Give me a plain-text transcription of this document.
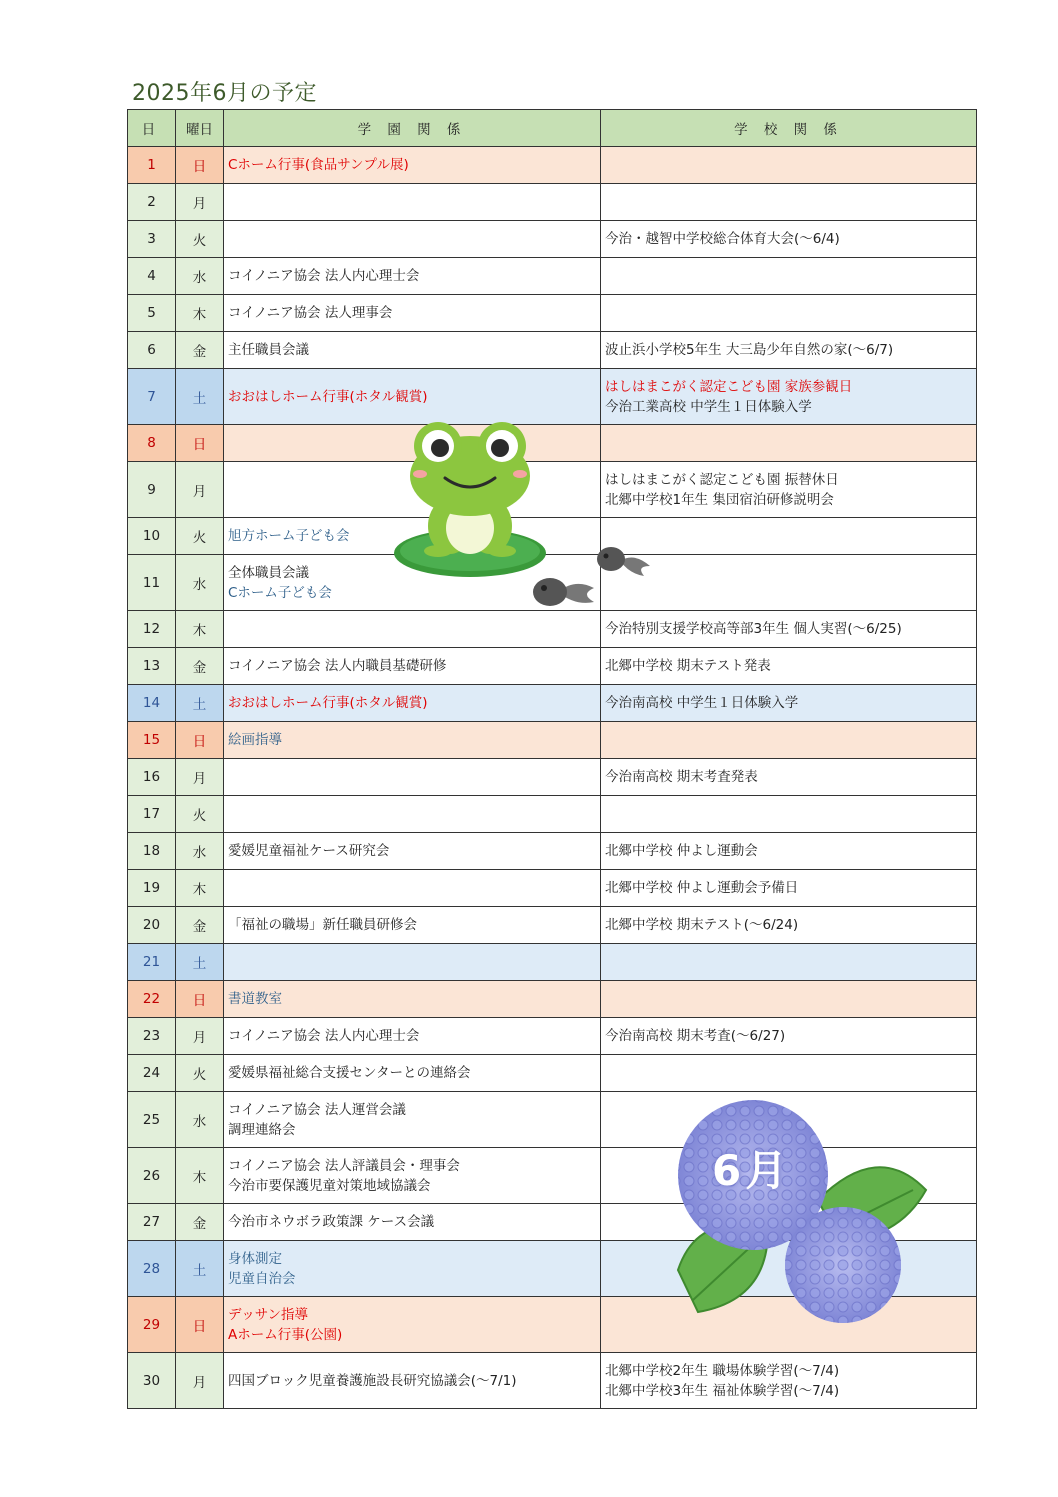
2025年6月の予定
日	曜日	学 園 関 係	学 校 関 係
1	日	Cホーム行事(食品サンプル展)	

2	月		
3	火		今治・越智中学校総合体育大会(～6/4)

4	水	コイノニア協会 法人内心理士会	

5	木	コイノニア協会 法人理事会	

6	金	主任職員会議	波止浜小学校5年生 大三島少年自然の家(～6/7)

7	土	おおはしホーム行事(ホタル観賞)	はしはまこがく認定こども園 家族参観日
今治工業高校 中学生１日体験入学

8	日		
9	月		はしはまこがく認定こども園 振替休日
北郷中学校1年生 集団宿泊研修説明会

10	火	旭方ホーム子ども会	

11	水	全体職員会議
Cホーム子ども会	

12	木		今治特別支援学校高等部3年生 個人実習(～6/25)

13	金	コイノニア協会 法人内職員基礎研修	北郷中学校 期末テスト発表

14	土	おおはしホーム行事(ホタル観賞)	今治南高校 中学生１日体験入学

15	日	絵画指導	

16	月		今治南高校 期末考査発表

17	火		
18	水	愛媛児童福祉ケース研究会	北郷中学校 仲よし運動会

19	木		北郷中学校 仲よし運動会予備日

20	金	「福祉の職場」新任職員研修会	北郷中学校 期末テスト(～6/24)

21	土		
22	日	書道教室	

23	月	コイノニア協会 法人内心理士会	今治南高校 期末考査(～6/27)

24	火	愛媛県福祉総合支援センターとの連絡会	

25	水	コイノニア協会 法人運営会議
調理連絡会	

26	木	コイノニア協会 法人評議員会・理事会
今治市要保護児童対策地域協議会	

27	金	今治市ネウボラ政策課 ケース会議	

28	土	身体測定
児童自治会	

29	日	デッサン指導
Aホーム行事(公園)	

30	月	四国ブロック児童養護施設長研究協議会(～7/1)	北郷中学校2年生 職場体験学習(～7/4)
北郷中学校3年生 福祉体験学習(～7/4)
6月
